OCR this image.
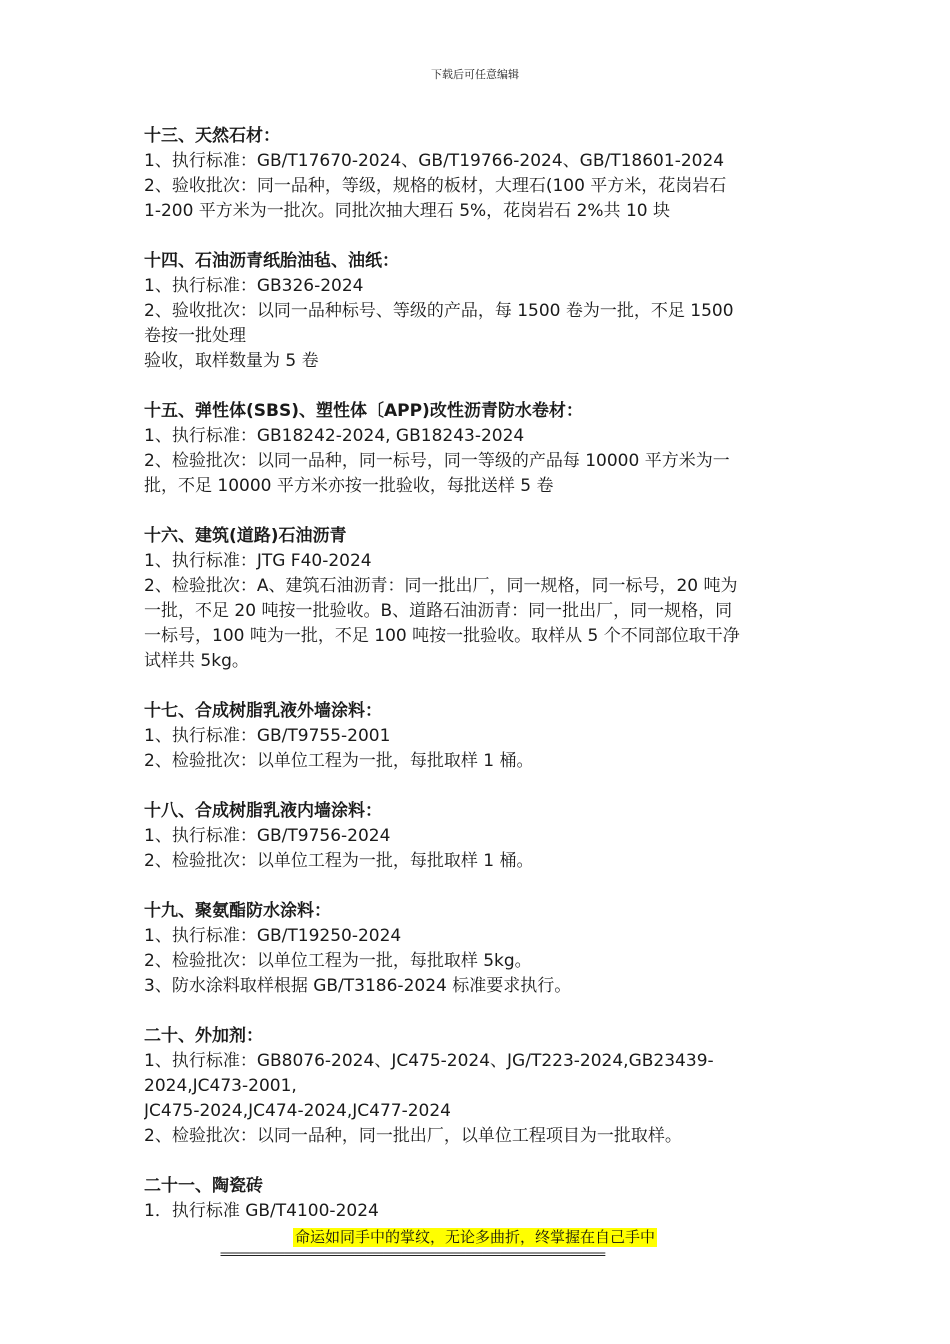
下载后可任意编辑
十三、天然石材：
1、执行标准：GB/T17670-2024、GB/T19766-2024、GB/T18601-2024
2、验收批次：同一品种，等级，规格的板材，大理石(100 平方米，花岗岩石
1-200 平方米为一批次。同批次抽大理石 5%，花岗岩石 2%共 10 块
十四、石油沥青纸胎油毡、油纸：
1、执行标准：GB326-2024
2、验收批次：以同一品种标号、等级的产品，每 1500 卷为一批，不足 1500
卷按一批处理
验收，取样数量为 5 卷
十五、弹性体(SBS)、塑性体〔APP)改性沥青防水卷材：
1、执行标准：GB18242-2024, GB18243-2024
2、检验批次：以同一品种，同一标号，同一等级的产品每 10000 平方米为一
批，不足 10000 平方米亦按一批验收，每批送样 5 卷
十六、建筑(道路)石油沥青
1、执行标准：JTG F40-2024
2、检验批次：A、建筑石油沥青：同一批出厂，同一规格，同一标号，20 吨为
一批，不足 20 吨按一批验收。B、道路石油沥青：同一批出厂，同一规格，同
一标号，100 吨为一批，不足 100 吨按一批验收。取样从 5 个不同部位取干净
试样共 5kg。
十七、合成树脂乳液外墙涂料：
1、执行标准：GB/T9755-2001
2、检验批次：以单位工程为一批，每批取样 1 桶。
十八、合成树脂乳液内墙涂料：
1、执行标准：GB/T9756-2024
2、检验批次：以单位工程为一批，每批取样 1 桶。
十九、聚氨酯防水涂料：
1、执行标准：GB/T19250-2024
2、检验批次：以单位工程为一批，每批取样 5kg。
3、防水涂料取样根据 GB/T3186-2024 标准要求执行。
二十、外加剂：
1、执行标准：GB8076-2024、JC475-2024、JG/T223-2024,GB23439-
2024,JC473-2001,
JC475-2024,JC474-2024,JC477-2024
2、检验批次：以同一品种，同一批出厂，以单位工程项目为一批取样。
二十一、陶瓷砖
1．执行标准 GB/T4100-2024
命运如同手中的掌纹，无论多曲折，终掌握在自己手中
==================================================================
